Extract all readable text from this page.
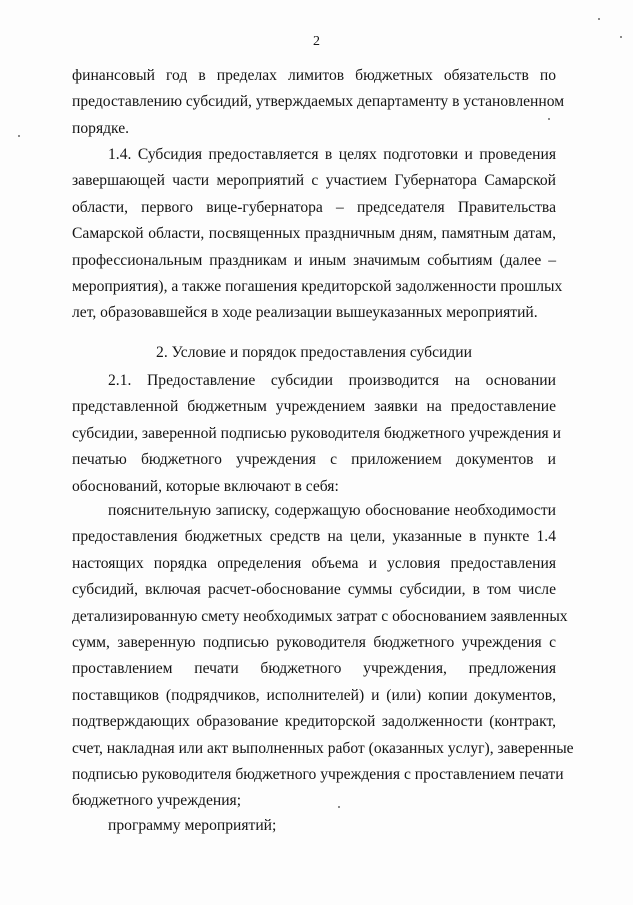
2
финансовый год в пределах лимитов бюджетных обязательств по
предоставлению субсидий, утверждаемых департаменту в установленном
порядке.
1.4. Субсидия предоставляется в целях подготовки и проведения
завершающей части мероприятий с участием Губернатора Самарской
области, первого вице-губернатора – председателя Правительства
Самарской области, посвященных праздничным дням, памятным датам,
профессиональным праздникам и иным значимым событиям (далее –
мероприятия), а также погашения кредиторской задолженности прошлых
лет, образовавшейся в ходе реализации вышеуказанных мероприятий.
2. Условие и порядок предоставления субсидии
2.1. Предоставление субсидии производится на основании
представленной бюджетным учреждением заявки на предоставление
субсидии, заверенной подписью руководителя бюджетного учреждения и
печатью бюджетного учреждения с приложением документов и
обоснований, которые включают в себя:
пояснительную записку, содержащую обоснование необходимости
предоставления бюджетных средств на цели, указанные в пункте 1.4
настоящих порядка определения объема и условия предоставления
субсидий, включая расчет-обоснование суммы субсидии, в том числе
детализированную смету необходимых затрат с обоснованием заявленных
сумм, заверенную подписью руководителя бюджетного учреждения с
проставлением печати бюджетного учреждения, предложения
поставщиков (подрядчиков, исполнителей) и (или) копии документов,
подтверждающих образование кредиторской задолженности (контракт,
счет, накладная или акт выполненных работ (оказанных услуг), заверенные
подписью руководителя бюджетного учреждения с проставлением печати
бюджетного учреждения;
программу мероприятий;
